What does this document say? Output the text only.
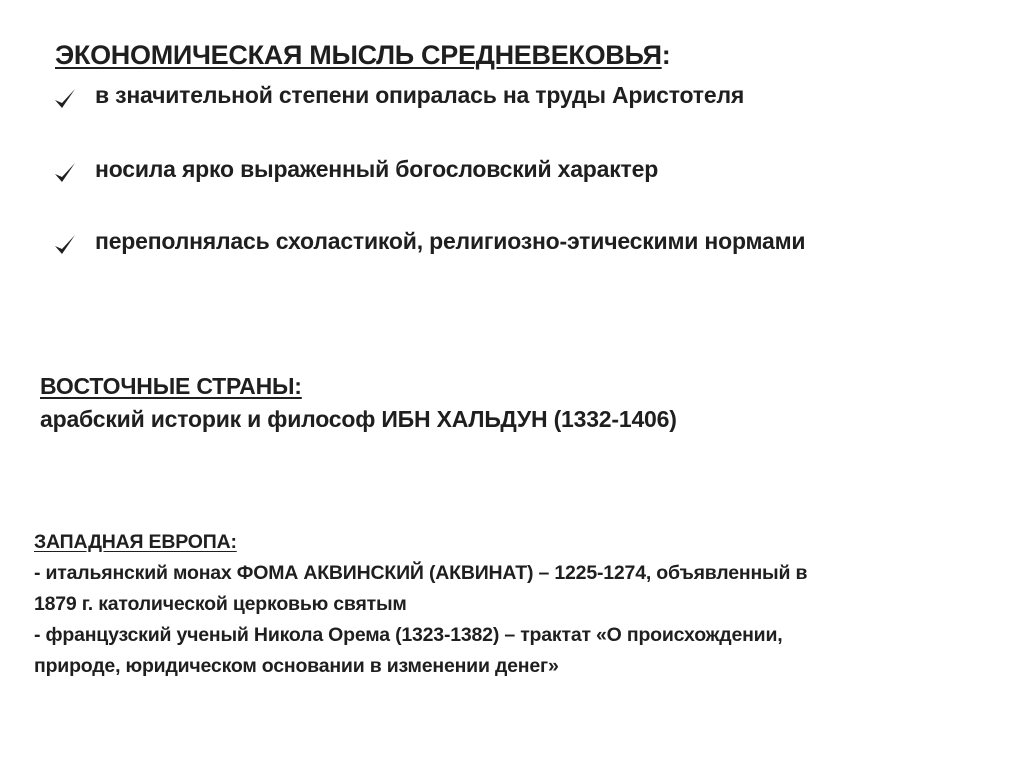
ЭКОНОМИЧЕСКАЯ МЫСЛЬ СРЕДНЕВЕКОВЬЯ:
в значительной степени опиралась на труды Аристотеля
носила ярко выраженный богословский характер
переполнялась схоластикой, религиозно-этическими нормами
ВОСТОЧНЫЕ СТРАНЫ:
арабский историк и философ ИБН ХАЛЬДУН (1332-1406)
ЗАПАДНАЯ ЕВРОПА:
- итальянский монах ФОМА АКВИНСКИЙ (АКВИНАТ) – 1225-1274, объявленный в
1879 г. католической церковью святым
- французский ученый Никола Орема (1323-1382) – трактат «О происхождении,
природе, юридическом основании в изменении денег»
